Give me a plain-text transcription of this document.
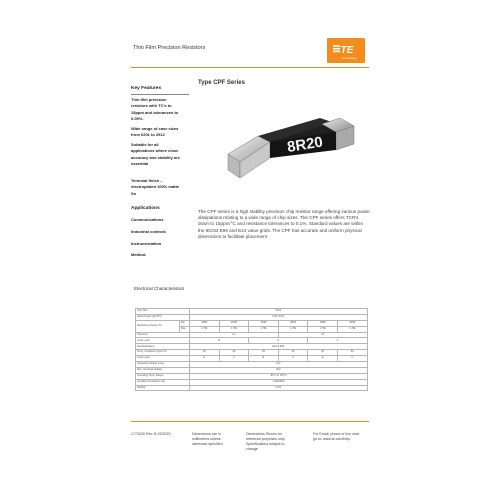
Thin Film Precision Resistors	TE
connectivity
Key Features
Thin film precision
resistors with TC's to
15ppm and tolerances to
0.05%.
Wide range of case sizes
from 0201 to 2512
Suitable for all
applications where close
accuracy and stability are
essential
Terminal finish –
electroplated 100% matte
Sn
Type CPF Series
8R20
The CPF series is a high stability precision chip resistor range offering various power dissipations relating to a wide range of chip sizes. The CPF series offers TCR's down to 15ppm/°C and resistance tolerances to 0.1%. Standard values are within the IEC63 E96 and E24 value grids. The CPF has accurate and uniform physical dimensions to facilitate placement
Applications
Communications
Industrial controls
Instrumentation
Medical
Electrical Characteristics
Chip Size		0201					
Rated Power (@70°C)		0.05 (1/20)					
Resistance Range (Ω)	Min.	4R99	4R99	4R99	4R99	4R99	4R99
	Max.	1.78k	1.78k	1.78k	1.78k	1.78k	1.78k
Tolerance		0.1			0.5		
Code Letter		B		D		F	
Standardisation		E24 & E96					
Temp. Coefficient (ppm/°C)		25	50	25	50	25	50
Code Letter		E	C	E	C	E	C
Operating Voltage (max)		15V					
Max. Overload Voltage		30V					
Operating Temp. Range		-55°C to 155°C					
Insulation Resistance (Ω)		>10000MΩ					
Stability		0.5%					
1773200 Rev. B 03/2020	Dimensions are in
millimetres unless
otherwise specified
Dimensions Shown for
reference purposes only.
Specifications subject to
change
For Email, phone or live chat,
go to: www.te.com/help
